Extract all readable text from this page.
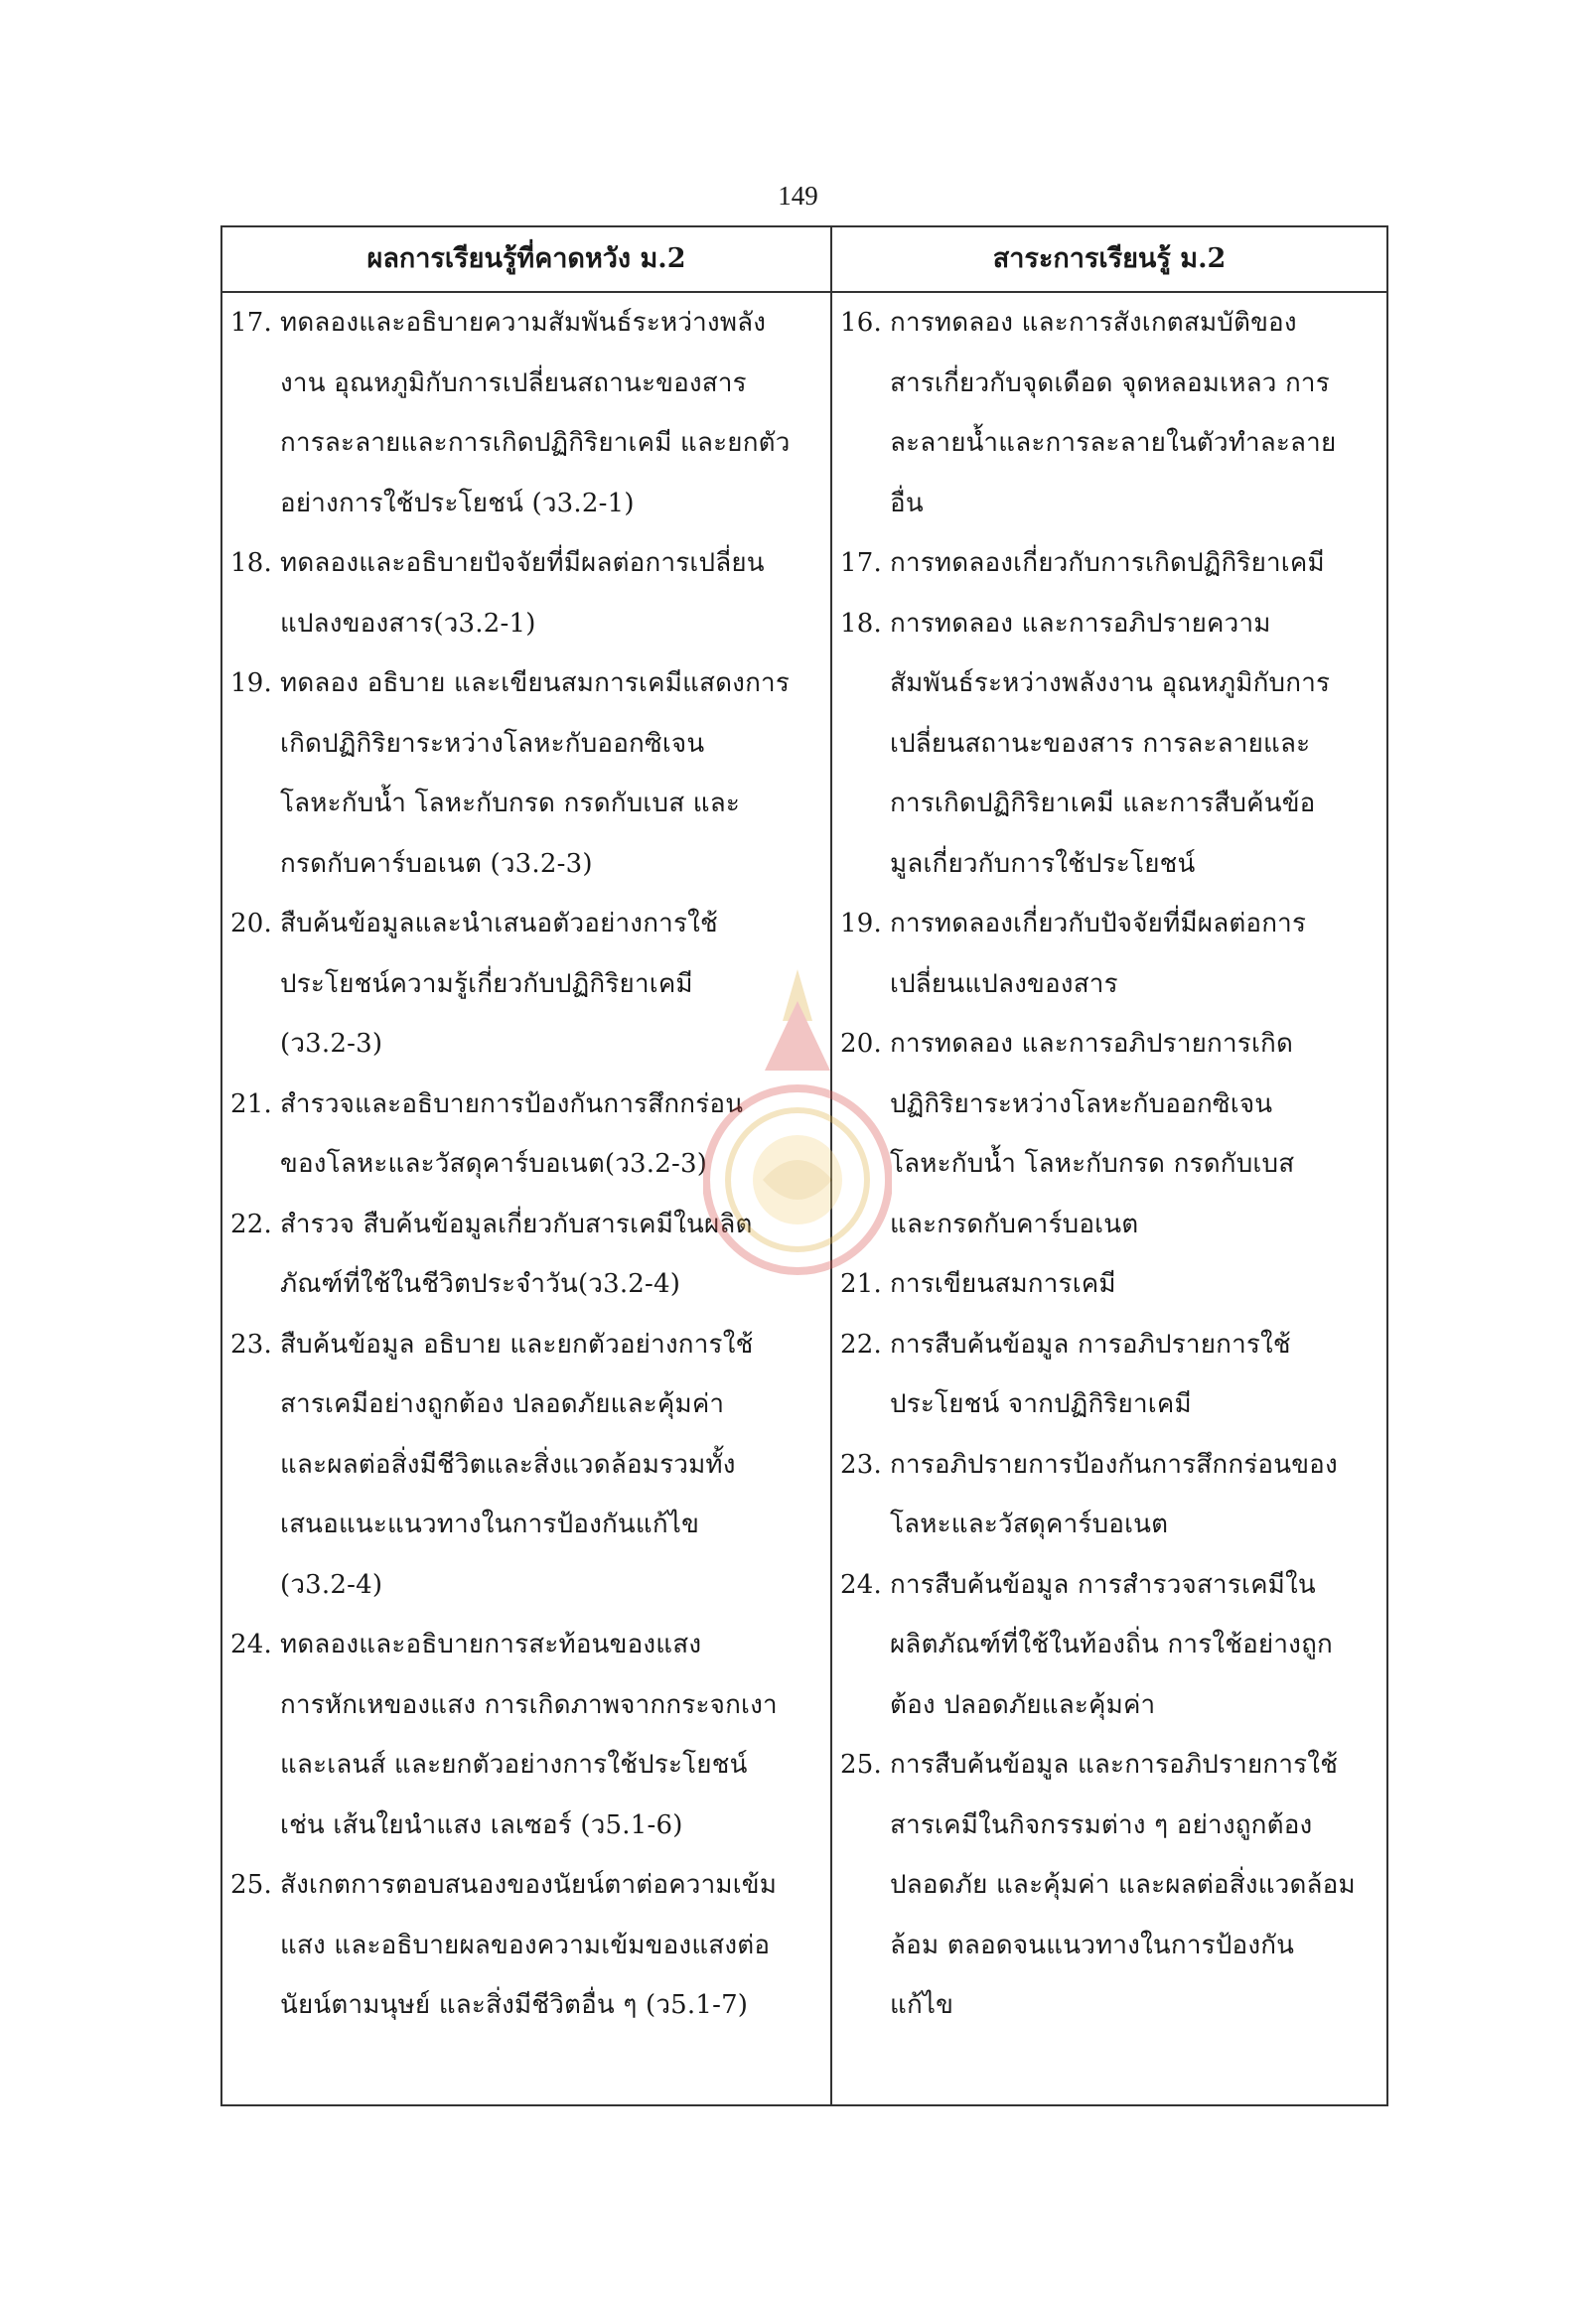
149
ผลการเรียนรู้ที่คาดหวัง ม.2	สาระการเรียนรู้ ม.2
17. ทดลองและอธิบายความสัมพันธ์ระหว่างพลัง
งาน อุณหภูมิกับการเปลี่ยนสถานะของสาร
การละลายและการเกิดปฏิกิริยาเคมี และยกตัว
อย่างการใช้ประโยชน์ (ว3.2-1)
18. ทดลองและอธิบายปัจจัยที่มีผลต่อการเปลี่ยน
แปลงของสาร(ว3.2-1)
19. ทดลอง อธิบาย และเขียนสมการเคมีแสดงการ
เกิดปฏิกิริยาระหว่างโลหะกับออกซิเจน
โลหะกับน้ำ โลหะกับกรด กรดกับเบส และ
กรดกับคาร์บอเนต (ว3.2-3)
20. สืบค้นข้อมูลและนำเสนอตัวอย่างการใช้
ประโยชน์ความรู้เกี่ยวกับปฏิกิริยาเคมี
(ว3.2-3)
21. สำรวจและอธิบายการป้องกันการสึกกร่อน
ของโลหะและวัสดุคาร์บอเนต(ว3.2-3)
22. สำรวจ สืบค้นข้อมูลเกี่ยวกับสารเคมีในผลิต
ภัณฑ์ที่ใช้ในชีวิตประจำวัน(ว3.2-4)
23. สืบค้นข้อมูล อธิบาย และยกตัวอย่างการใช้
สารเคมีอย่างถูกต้อง ปลอดภัยและคุ้มค่า
และผลต่อสิ่งมีชีวิตและสิ่งแวดล้อมรวมทั้ง
เสนอแนะแนวทางในการป้องกันแก้ไข
(ว3.2-4)
24. ทดลองและอธิบายการสะท้อนของแสง
การหักเหของแสง การเกิดภาพจากกระจกเงา
และเลนส์ และยกตัวอย่างการใช้ประโยชน์
เช่น เส้นใยนำแสง เลเซอร์ (ว5.1-6)
25. สังเกตการตอบสนองของนัยน์ตาต่อความเข้ม
แสง และอธิบายผลของความเข้มของแสงต่อ
นัยน์ตามนุษย์ และสิ่งมีชีวิตอื่น ๆ (ว5.1-7)
16. การทดลอง และการสังเกตสมบัติของ
สารเกี่ยวกับจุดเดือด จุดหลอมเหลว การ
ละลายน้ำและการละลายในตัวทำละลาย
อื่น
17. การทดลองเกี่ยวกับการเกิดปฏิกิริยาเคมี
18. การทดลอง และการอภิปรายความ
สัมพันธ์ระหว่างพลังงาน อุณหภูมิกับการ
เปลี่ยนสถานะของสาร การละลายและ
การเกิดปฏิกิริยาเคมี และการสืบค้นข้อ
มูลเกี่ยวกับการใช้ประโยชน์
19. การทดลองเกี่ยวกับปัจจัยที่มีผลต่อการ
เปลี่ยนแปลงของสาร
20. การทดลอง และการอภิปรายการเกิด
ปฏิกิริยาระหว่างโลหะกับออกซิเจน
โลหะกับน้ำ โลหะกับกรด กรดกับเบส
และกรดกับคาร์บอเนต
21. การเขียนสมการเคมี
22. การสืบค้นข้อมูล การอภิปรายการใช้
ประโยชน์ จากปฏิกิริยาเคมี
23. การอภิปรายการป้องกันการสึกกร่อนของ
โลหะและวัสดุคาร์บอเนต
24. การสืบค้นข้อมูล การสำรวจสารเคมีใน
ผลิตภัณฑ์ที่ใช้ในท้องถิ่น การใช้อย่างถูก
ต้อง ปลอดภัยและคุ้มค่า
25. การสืบค้นข้อมูล และการอภิปรายการใช้
สารเคมีในกิจกรรมต่าง ๆ อย่างถูกต้อง
ปลอดภัย และคุ้มค่า และผลต่อสิ่งแวดล้อม
ล้อม ตลอดจนแนวทางในการป้องกัน
แก้ไข
